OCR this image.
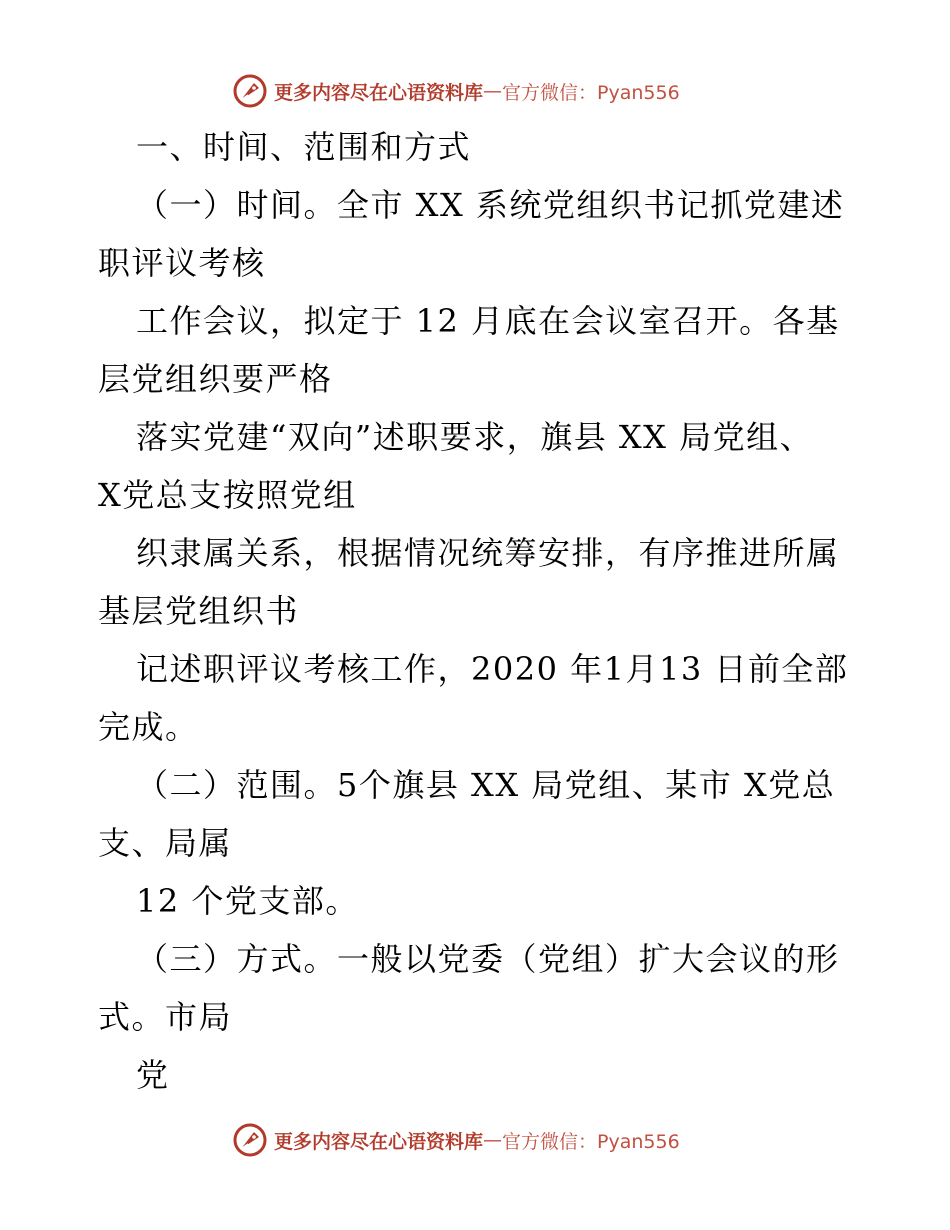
更多内容尽在心语资料库 — 官方微信：Pyan556
一、时间、范围和方式
（一）时间。全市 XX 系统党组织书记抓党建述
职评议考核
工作会议，拟定于 12 月底在会议室召开。各基
层党组织要严格
落实党建“双向”述职要求，旗县 XX 局党组、
X党总支按照党组
织隶属关系，根据情况统筹安排，有序推进所属
基层党组织书
记述职评议考核工作，2020 年1月13 日前全部
完成。
（二）范围。5个旗县 XX 局党组、某市 X党总
支、局属
12 个党支部。
（三）方式。一般以党委（党组）扩大会议的形
式。市局
党
更多内容尽在心语资料库 — 官方微信：Pyan556
